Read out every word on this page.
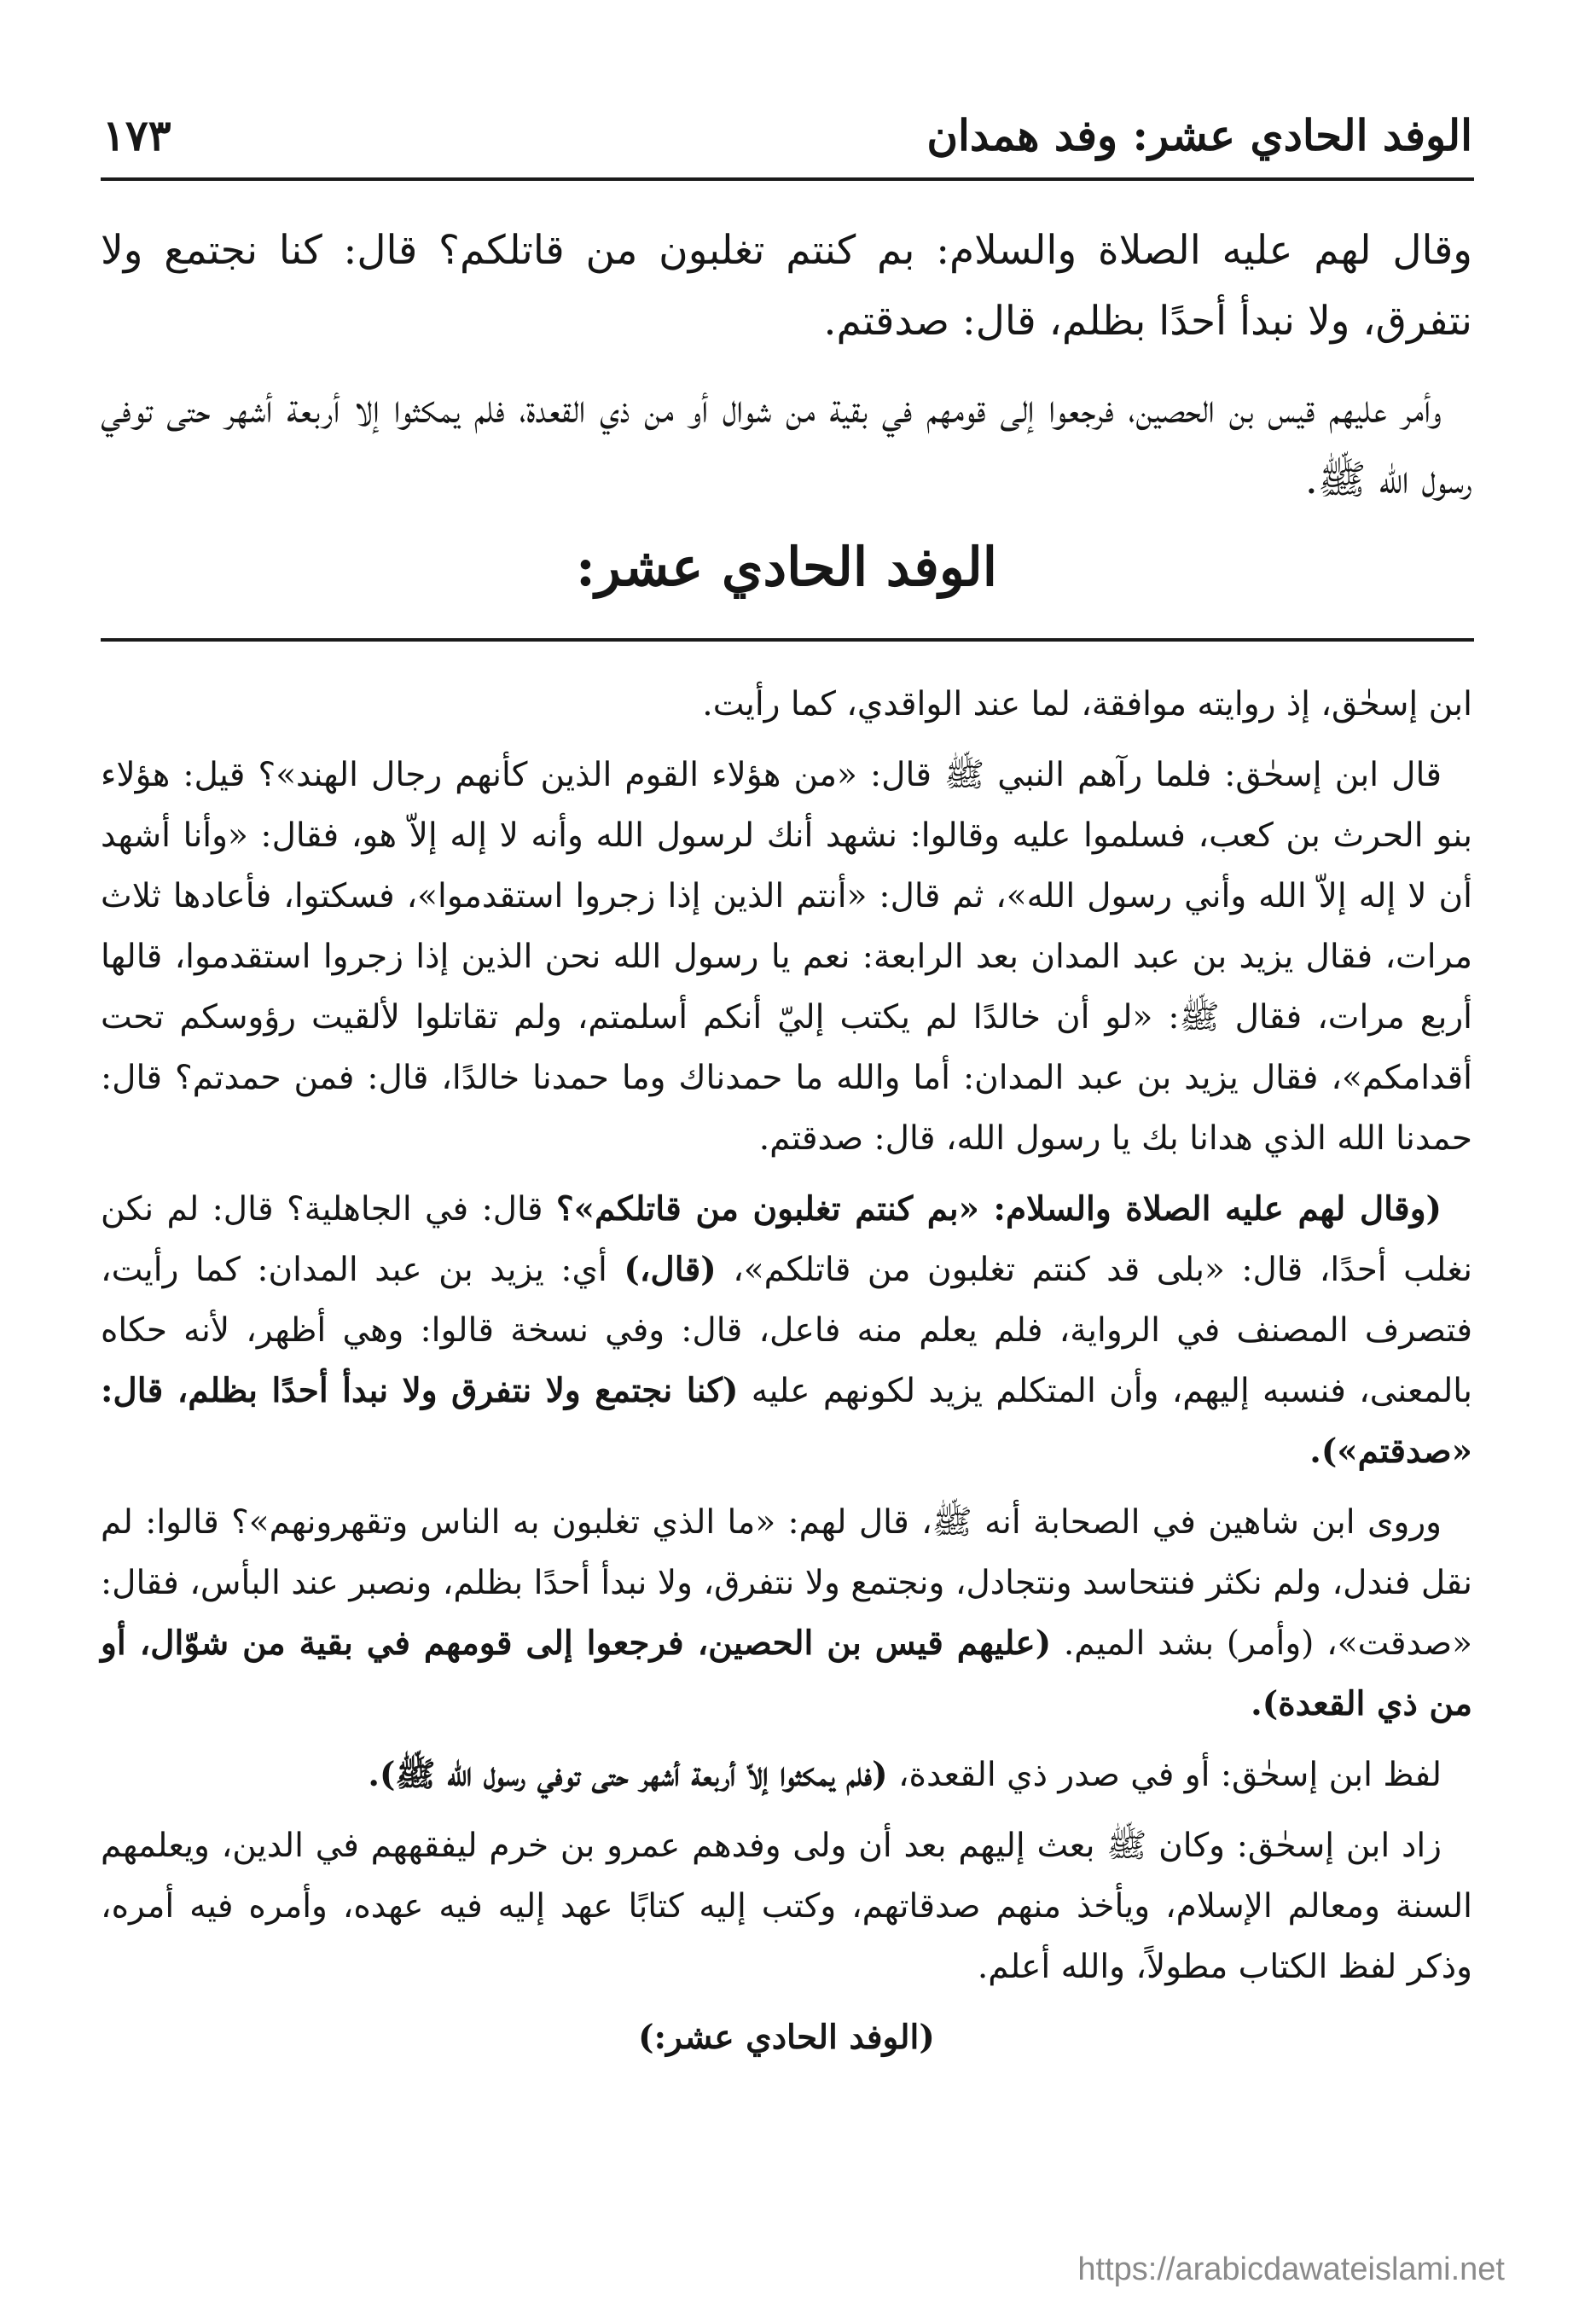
١٧٣	الوفد الحادي عشر: وفد همدان

وقال لهم عليه الصلاة والسلام: بم كنتم تغلبون من قاتلكم؟ قال: كنا نجتمع ولا نتفرق، ولا نبدأ أحدًا بظلم، قال: صدقتم.

وأمر عليهم قيس بن الحصين، فرجعوا إلى قومهم في بقية من شوال أو من ذي القعدة، فلم يمكثوا إلا أربعة أشهر حتى توفي رسول الله ﷺ.

الوفد الحادي عشر:

ابن إسحٰق، إذ روايته موافقة، لما عند الواقدي، كما رأيت.

قال ابن إسحٰق: فلما رآهم النبي ﷺ قال: «من هؤلاء القوم الذين كأنهم رجال الهند»؟ قيل: هؤلاء بنو الحرث بن كعب، فسلموا عليه وقالوا: نشهد أنك لرسول الله وأنه لا إله إلاّ هو، فقال: «وأنا أشهد أن لا إله إلاّ الله وأني رسول الله»، ثم قال: «أنتم الذين إذا زجروا استقدموا»، فسكتوا، فأعادها ثلاث مرات، فقال يزيد بن عبد المدان بعد الرابعة: نعم يا رسول الله نحن الذين إذا زجروا استقدموا، قالها أربع مرات، فقال ﷺ: «لو أن خالدًا لم يكتب إليّ أنكم أسلمتم، ولم تقاتلوا لألقيت رؤوسكم تحت أقدامكم»، فقال يزيد بن عبد المدان: أما والله ما حمدناك وما حمدنا خالدًا، قال: فمن حمدتم؟ قال: حمدنا الله الذي هدانا بك يا رسول الله، قال: صدقتم.

(وقال لهم عليه الصلاة والسلام: «بم كنتم تغلبون من قاتلكم»؟ قال: في الجاهلية؟ قال: لم نكن نغلب أحدًا، قال: «بلى قد كنتم تغلبون من قاتلكم»، (قال،) أي: يزيد بن عبد المدان: كما رأيت، فتصرف المصنف في الرواية، فلم يعلم منه فاعل، قال: وفي نسخة قالوا: وهي أظهر، لأنه حكاه بالمعنى، فنسبه إليهم، وأن المتكلم يزيد لكونهم عليه (كنا نجتمع ولا نتفرق ولا نبدأ أحدًا بظلم، قال: «صدقتم»).

وروى ابن شاهين في الصحابة أنه ﷺ، قال لهم: «ما الذي تغلبون به الناس وتقهرونهم»؟ قالوا: لم نقل فندل، ولم نكثر فنتحاسد ونتجادل، ونجتمع ولا نتفرق، ولا نبدأ أحدًا بظلم، ونصبر عند البأس، فقال: «صدقت»، (وأمر) بشد الميم. (عليهم قيس بن الحصين، فرجعوا إلى قومهم في بقية من شوّال، أو من ذي القعدة).

لفظ ابن إسحٰق: أو في صدر ذي القعدة، (فلم يمكثوا إلاّ أربعة أشهر حتى توفي رسول الله ﷺ).

زاد ابن إسحٰق: وكان ﷺ بعث إليهم بعد أن ولى وفدهم عمرو بن خرم ليفقههم في الدين، ويعلمهم السنة ومعالم الإسلام، ويأخذ منهم صدقاتهم، وكتب إليه كتابًا عهد إليه فيه عهده، وأمره فيه أمره، وذكر لفظ الكتاب مطولاً، والله أعلم.

(الوفد الحادي عشر:)

https://arabicdawateislami.net
